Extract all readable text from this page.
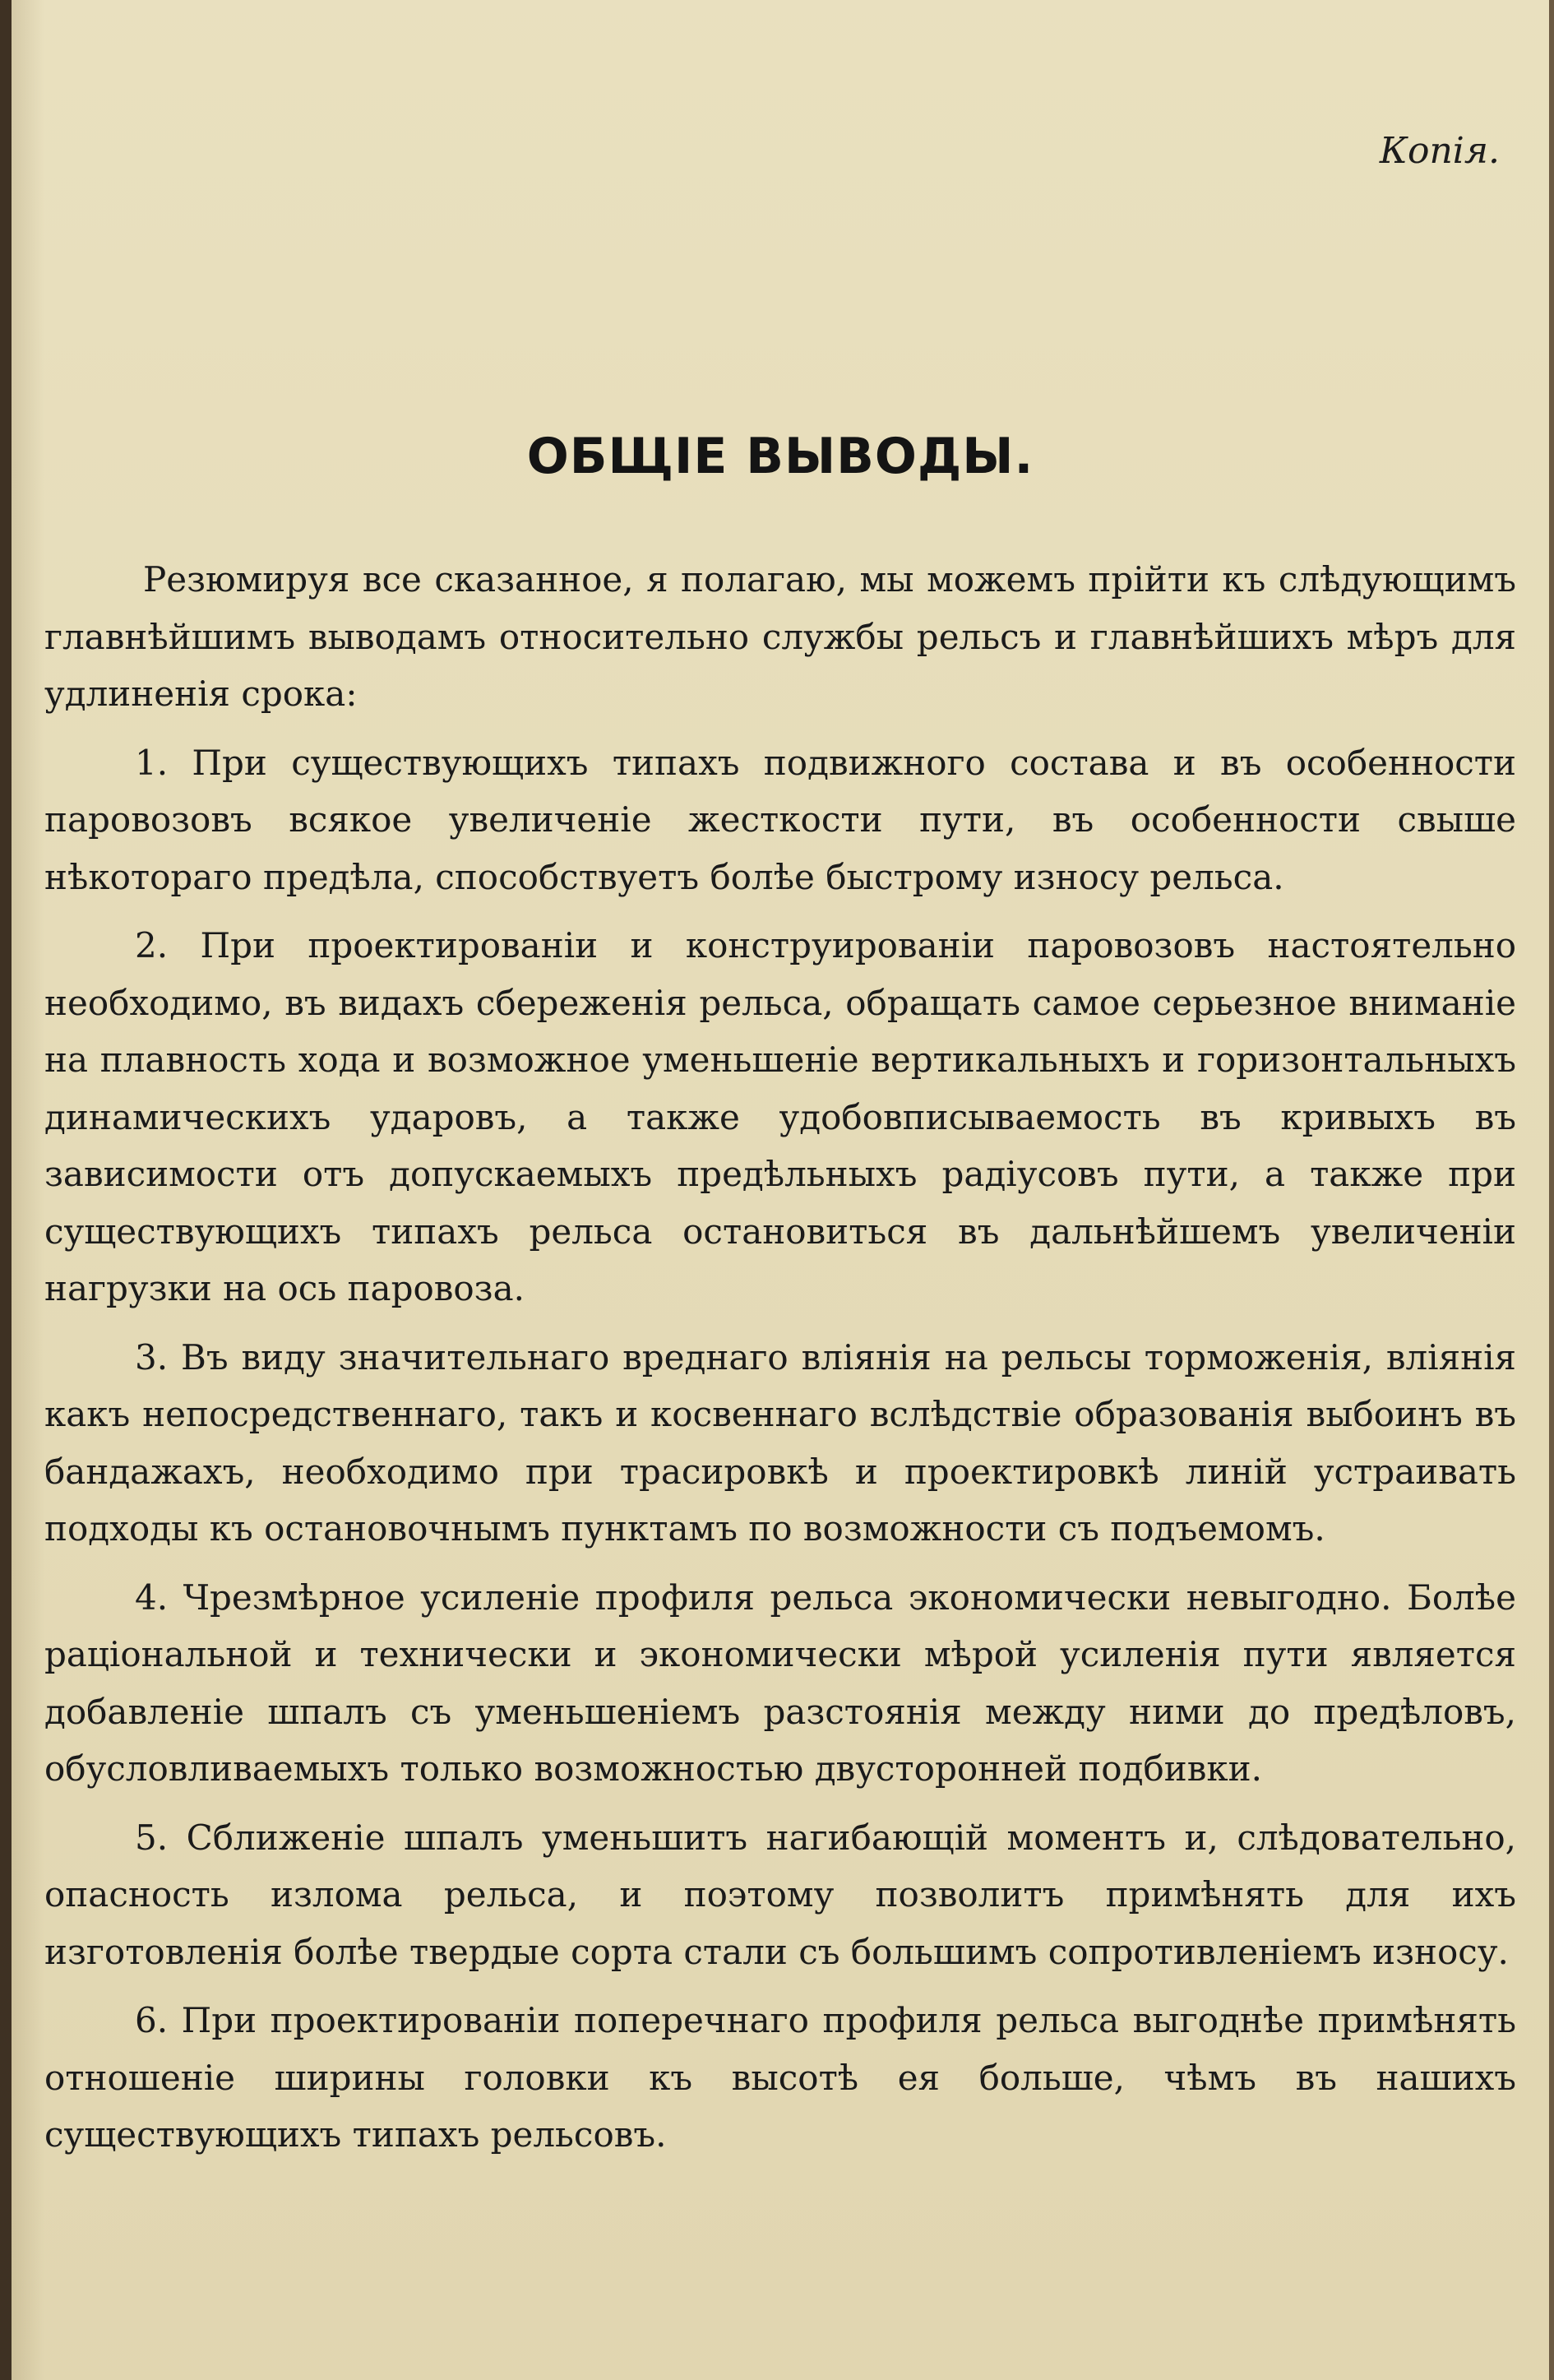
Копія.
ОБЩІЕ ВЫВОДЫ.

Резюмируя все сказанное, я полагаю, мы можемъ прійти къ слѣдующимъ главнѣйшимъ выводамъ относительно службы рельсъ и главнѣйшихъ мѣръ для удлиненія срока:

1. При существующихъ типахъ подвижного состава и въ особенности паровозовъ всякое увеличеніе жесткости пути, въ особенности свыше нѣкотораго предѣла, способствуетъ болѣе быстрому износу рельса.

2. При проектированіи и конструированіи паровозовъ настоятельно необходимо, въ видахъ сбереженія рельса, обращать самое серьезное вниманіе на плавность хода и возможное уменьшеніе вертикальныхъ и горизонтальныхъ динамическихъ ударовъ, а также удобовписываемость въ кривыхъ въ зависимости отъ допускаемыхъ предѣльныхъ радіусовъ пути, а также при существующихъ типахъ рельса остановиться въ дальнѣйшемъ увеличеніи нагрузки на ось паровоза.

3. Въ виду значительнаго вреднаго вліянія на рельсы торможенія, вліянія какъ непосредственнаго, такъ и косвеннаго вслѣдствіе образованія выбоинъ въ бандажахъ, необходимо при трасировкѣ и проектировкѣ линій устраивать подходы къ остановочнымъ пунктамъ по возможности съ подъемомъ.

4. Чрезмѣрное усиленіе профиля рельса экономически невыгодно. Болѣе раціональной и технически и экономически мѣрой усиленія пути является добавленіе шпалъ съ уменьшеніемъ разстоянія между ними до предѣловъ, обусловливаемыхъ только возможностью двусторонней подбивки.

5. Сближеніе шпалъ уменьшитъ нагибающій моментъ и, слѣдовательно, опасность излома рельса, и поэтому позволитъ примѣнять для ихъ изготовленія болѣе твердые сорта стали съ большимъ сопротивленіемъ износу.

6. При проектированіи поперечнаго профиля рельса выгоднѣе примѣнять отношеніе ширины головки къ высотѣ ея больше, чѣмъ въ нашихъ существующихъ типахъ рельсовъ.
